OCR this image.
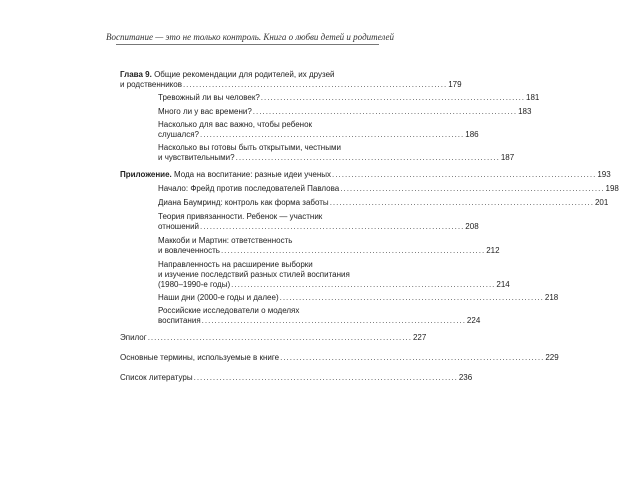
Воспитание — это не только контроль. Книга о любви детей и родителей
Глава 9. Общие рекомендации для родителей, их друзей
и родственников .................................................................................. 179
Тревожный ли вы человек? .................................................................................. 181
Много ли у вас времени? .................................................................................. 183
Насколько для вас важно, чтобы ребенок
слушался? .................................................................................. 186
Насколько вы готовы быть открытыми, честными
и чувствительными? .................................................................................. 187
Приложение. Мода на воспитание: разные идеи ученых .................................................................................. 193
Начало: Фрейд против последователей Павлова .................................................................................. 198
Диана Баумринд: контроль как форма заботы .................................................................................. 201
Теория привязанности. Ребенок — участник
отношений .................................................................................. 208
Маккоби и Мартин: ответственность
и вовлеченность .................................................................................. 212
Направленность на расширение выборки
и изучение последствий разных стилей воспитания
(1980–1990-е годы) .................................................................................. 214
Наши дни (2000-е годы и далее) .................................................................................. 218
Российские исследователи о моделях
воспитания .................................................................................. 224
Эпилог .................................................................................. 227
Основные термины, используемые в книге .................................................................................. 229
Список литературы .................................................................................. 236
